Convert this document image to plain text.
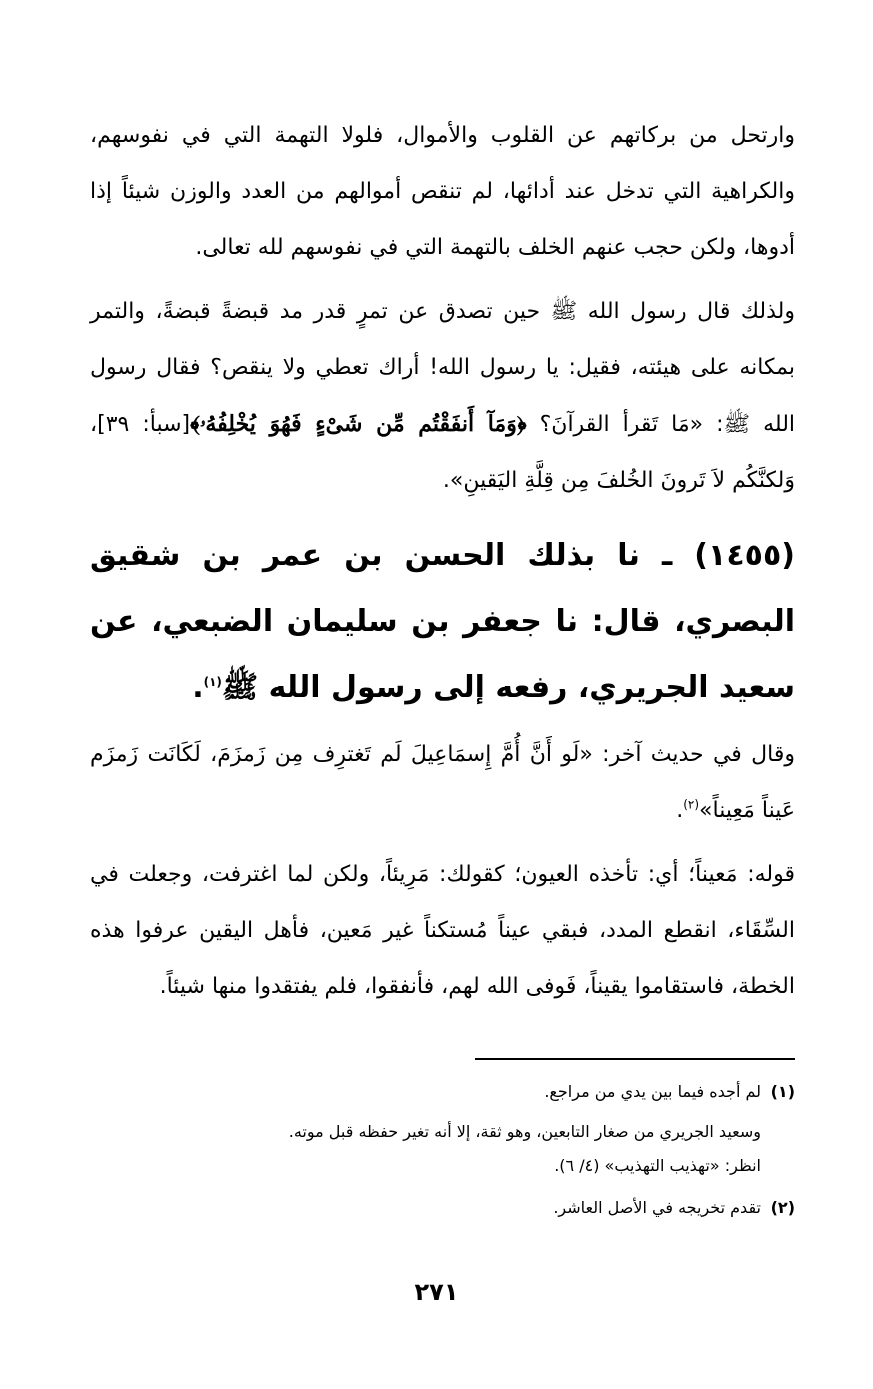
وارتحل من بركاتهم عن القلوب والأموال، فلولا التهمة التي في نفوسهم، والكراهية التي تدخل عند أدائها، لم تنقص أموالهم من العدد والوزن شيئاً إذا أدوها، ولكن حجب عنهم الخلف بالتهمة التي في نفوسهم لله تعالى.

ولذلك قال رسول الله ﷺ حين تصدق عن تمرٍ قدر مد قبضةً قبضةً، والتمر بمكانه على هيئته، فقيل: يا رسول الله! أراك تعطي ولا ينقص؟ فقال رسول الله ﷺ: «مَا تَقرأ القرآنَ؟ ﴿وَمَآ أَنفَقْتُم مِّن شَىْءٍ فَهُوَ يُخْلِفُهُۥ﴾[سبأ: ٣٩]، وَلكنَّكُم لاَ تَرونَ الخُلفَ مِن قِلَّةِ اليَقينِ».

(١٤٥٥) ـ نا بذلك الحسن بن عمر بن شقيق البصري، قال: نا جعفر بن سليمان الضبعي، عن سعيد الجريري، رفعه إلى رسول الله ﷺ$^{(١)}$.

وقال في حديث آخر: «لَو أَنَّ أُمَّ إِسمَاعِيلَ لَم تَغترِف مِن زَمزَمَ، لَكَانَت زَمزَم عَيناً مَعِيناً»$^{(٢)}$.

قوله: مَعيناً؛ أي: تأخذه العيون؛ كقولك: مَرِيئاً، ولكن لما اغترفت، وجعلت في السِّقَاء، انقطع المدد، فبقي عيناً مُستكناً غير مَعين، فأهل اليقين عرفوا هذه الخطة، فاستقاموا يقيناً، فَوفى الله لهم، فأنفقوا، فلم يفتقدوا منها شيئاً.

(١)لم أجده فيما بين يدي من مراجع.

وسعيد الجريري من صغار التابعين، وهو ثقة، إلا أنه تغير حفظه قبل موته.

انظر: «تهذيب التهذيب» (٤/ ٦).

(٢)تقدم تخريجه في الأصل العاشر.

٢٧١
